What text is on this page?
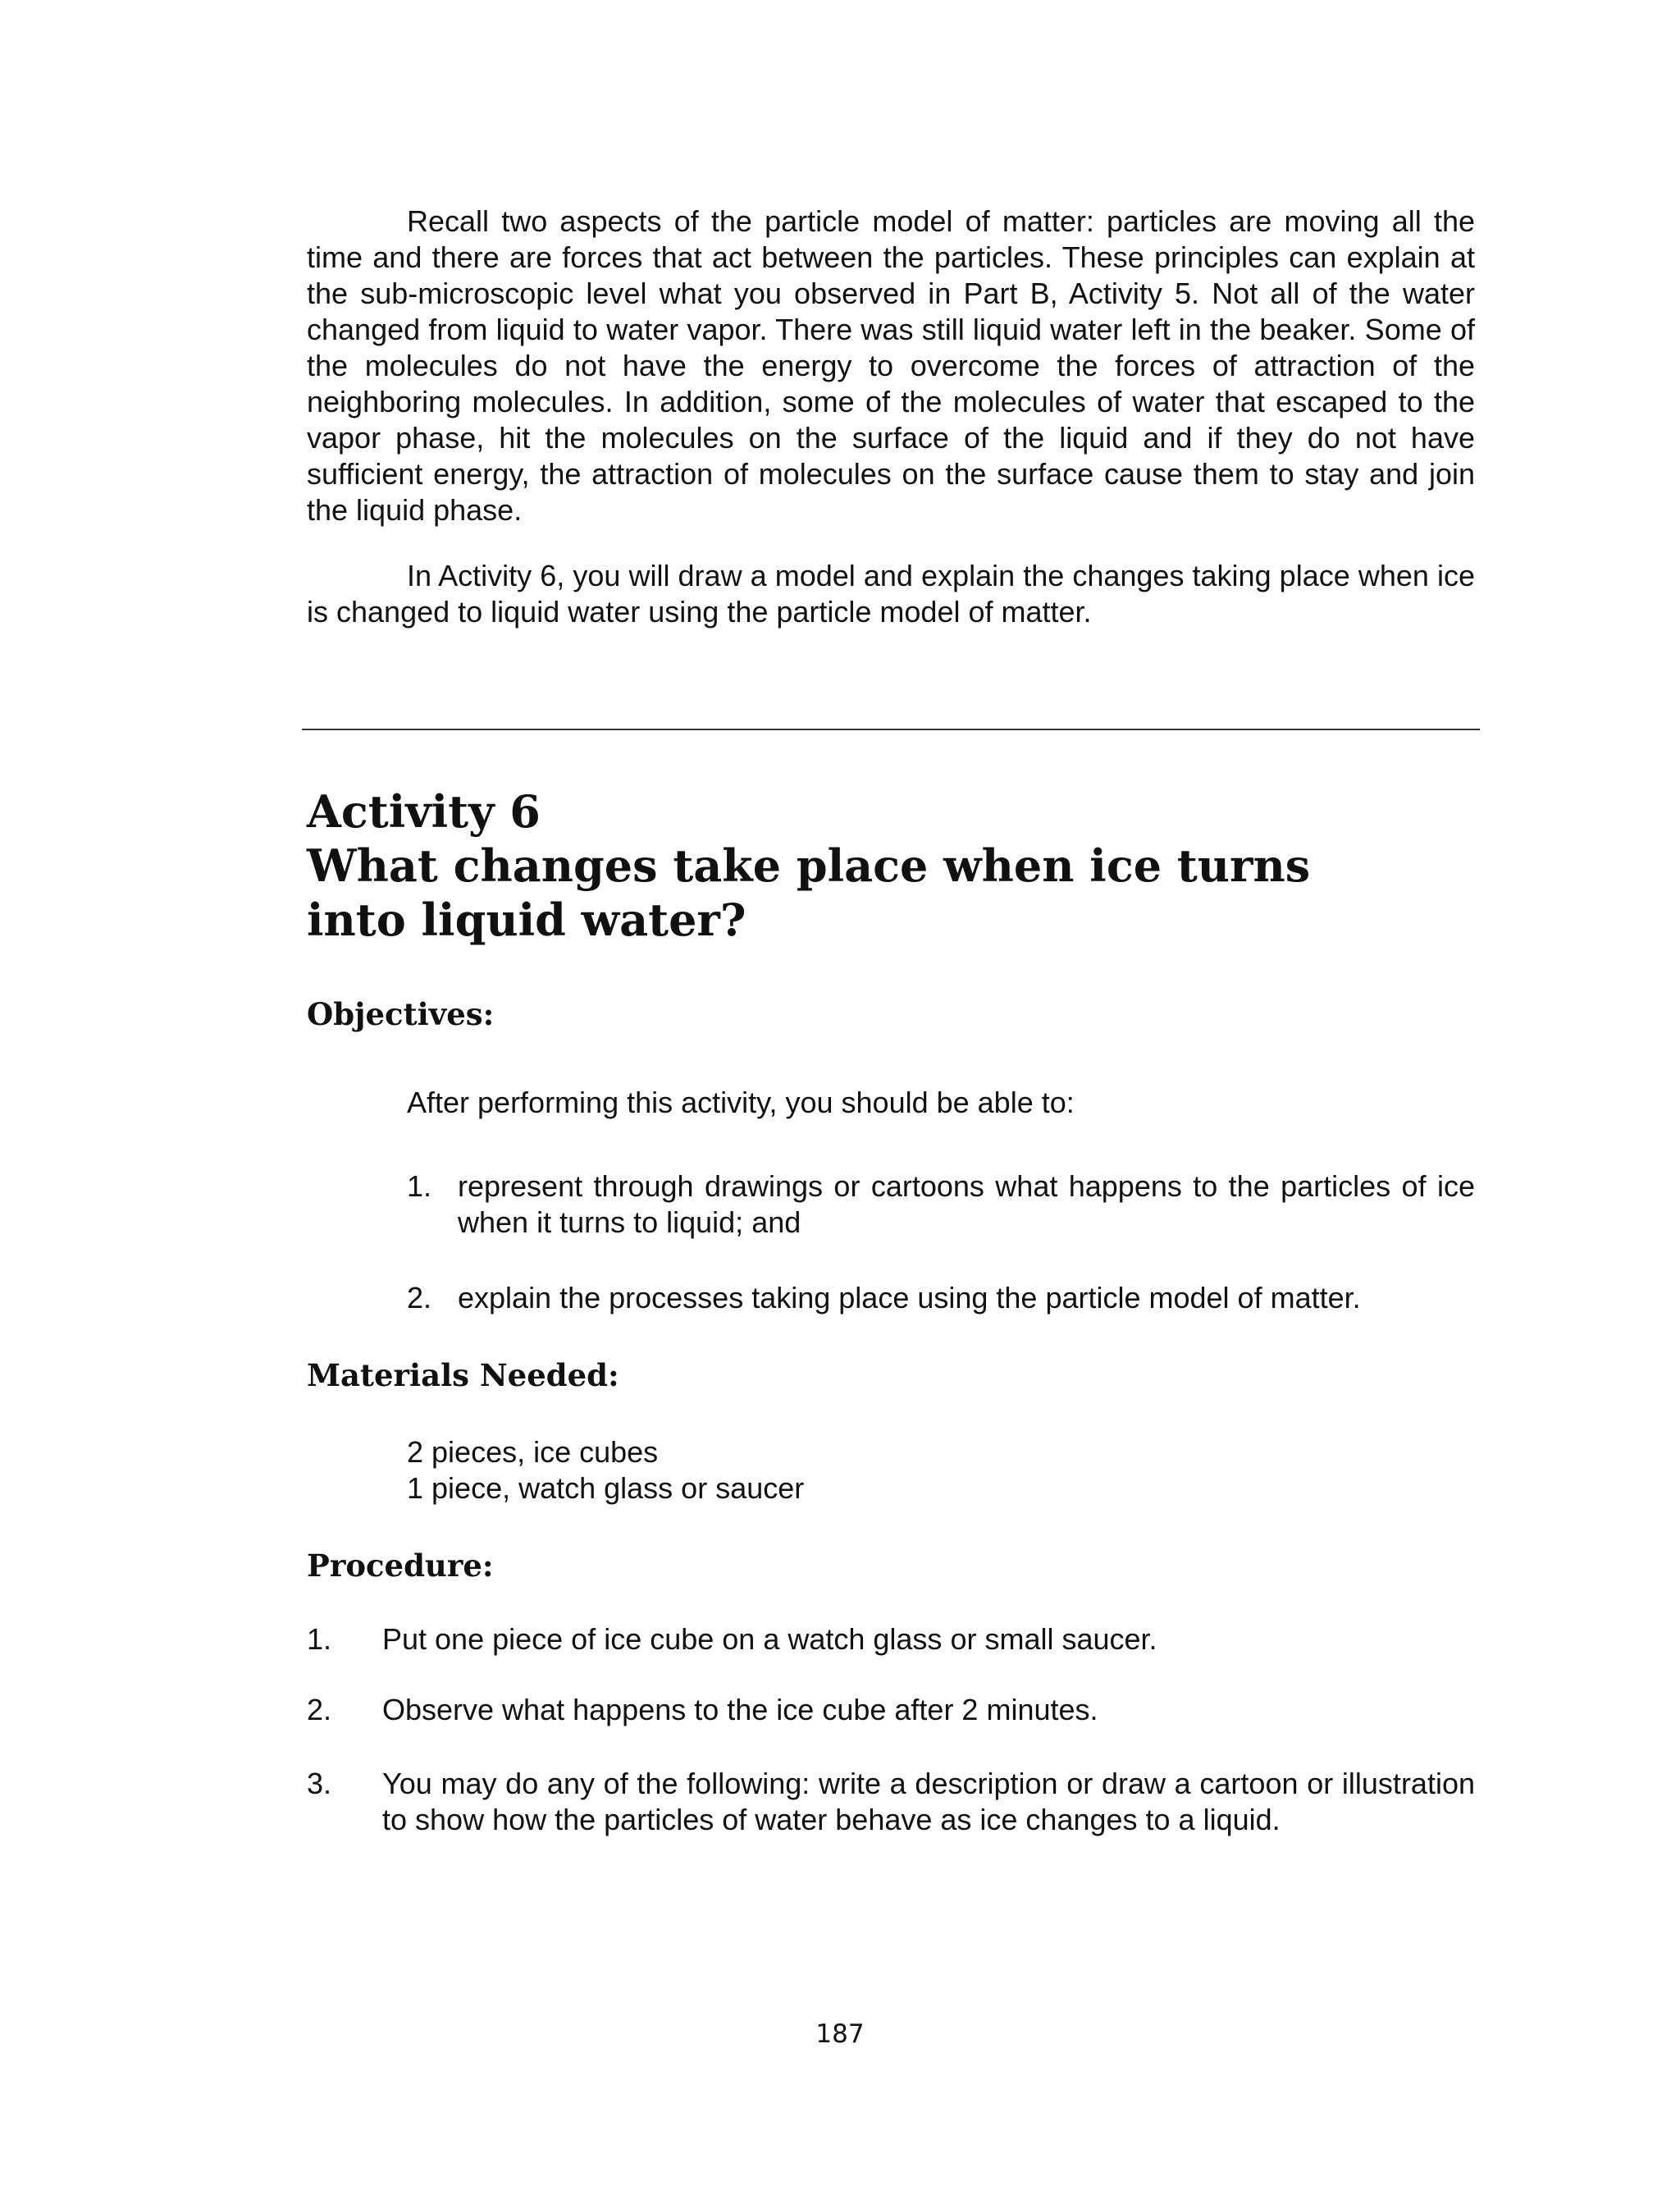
Recall two aspects of the particle model of matter: particles are moving all the time and there are forces that act between the particles. These principles can explain at the sub-microscopic level what you observed in Part B, Activity 5. Not all of the water changed from liquid to water vapor. There was still liquid water left in the beaker. Some of the molecules do not have the energy to overcome the forces of attraction of the neighboring molecules. In addition, some of the molecules of water that escaped to the vapor phase, hit the molecules on the surface of the liquid and if they do not have sufficient energy, the attraction of molecules on the surface cause them to stay and join the liquid phase.

In Activity 6, you will draw a model and explain the changes taking place when ice is changed to liquid water using the particle model of matter.

Activity 6
What changes take place when ice turns into liquid water?
Objectives:

After performing this activity, you should be able to:

1. represent through drawings or cartoons what happens to the particles of ice when it turns to liquid; and
2. explain the processes taking place using the particle model of matter.
Materials Needed:
2 pieces, ice cubes
1 piece, watch glass or saucer
Procedure:
1.	Put one piece of ice cube on a watch glass or small saucer.
2.	Observe what happens to the ice cube after 2 minutes.
3.	You may do any of the following: write a description or draw a cartoon or illustration to show how the particles of water behave as ice changes to a liquid.
187
